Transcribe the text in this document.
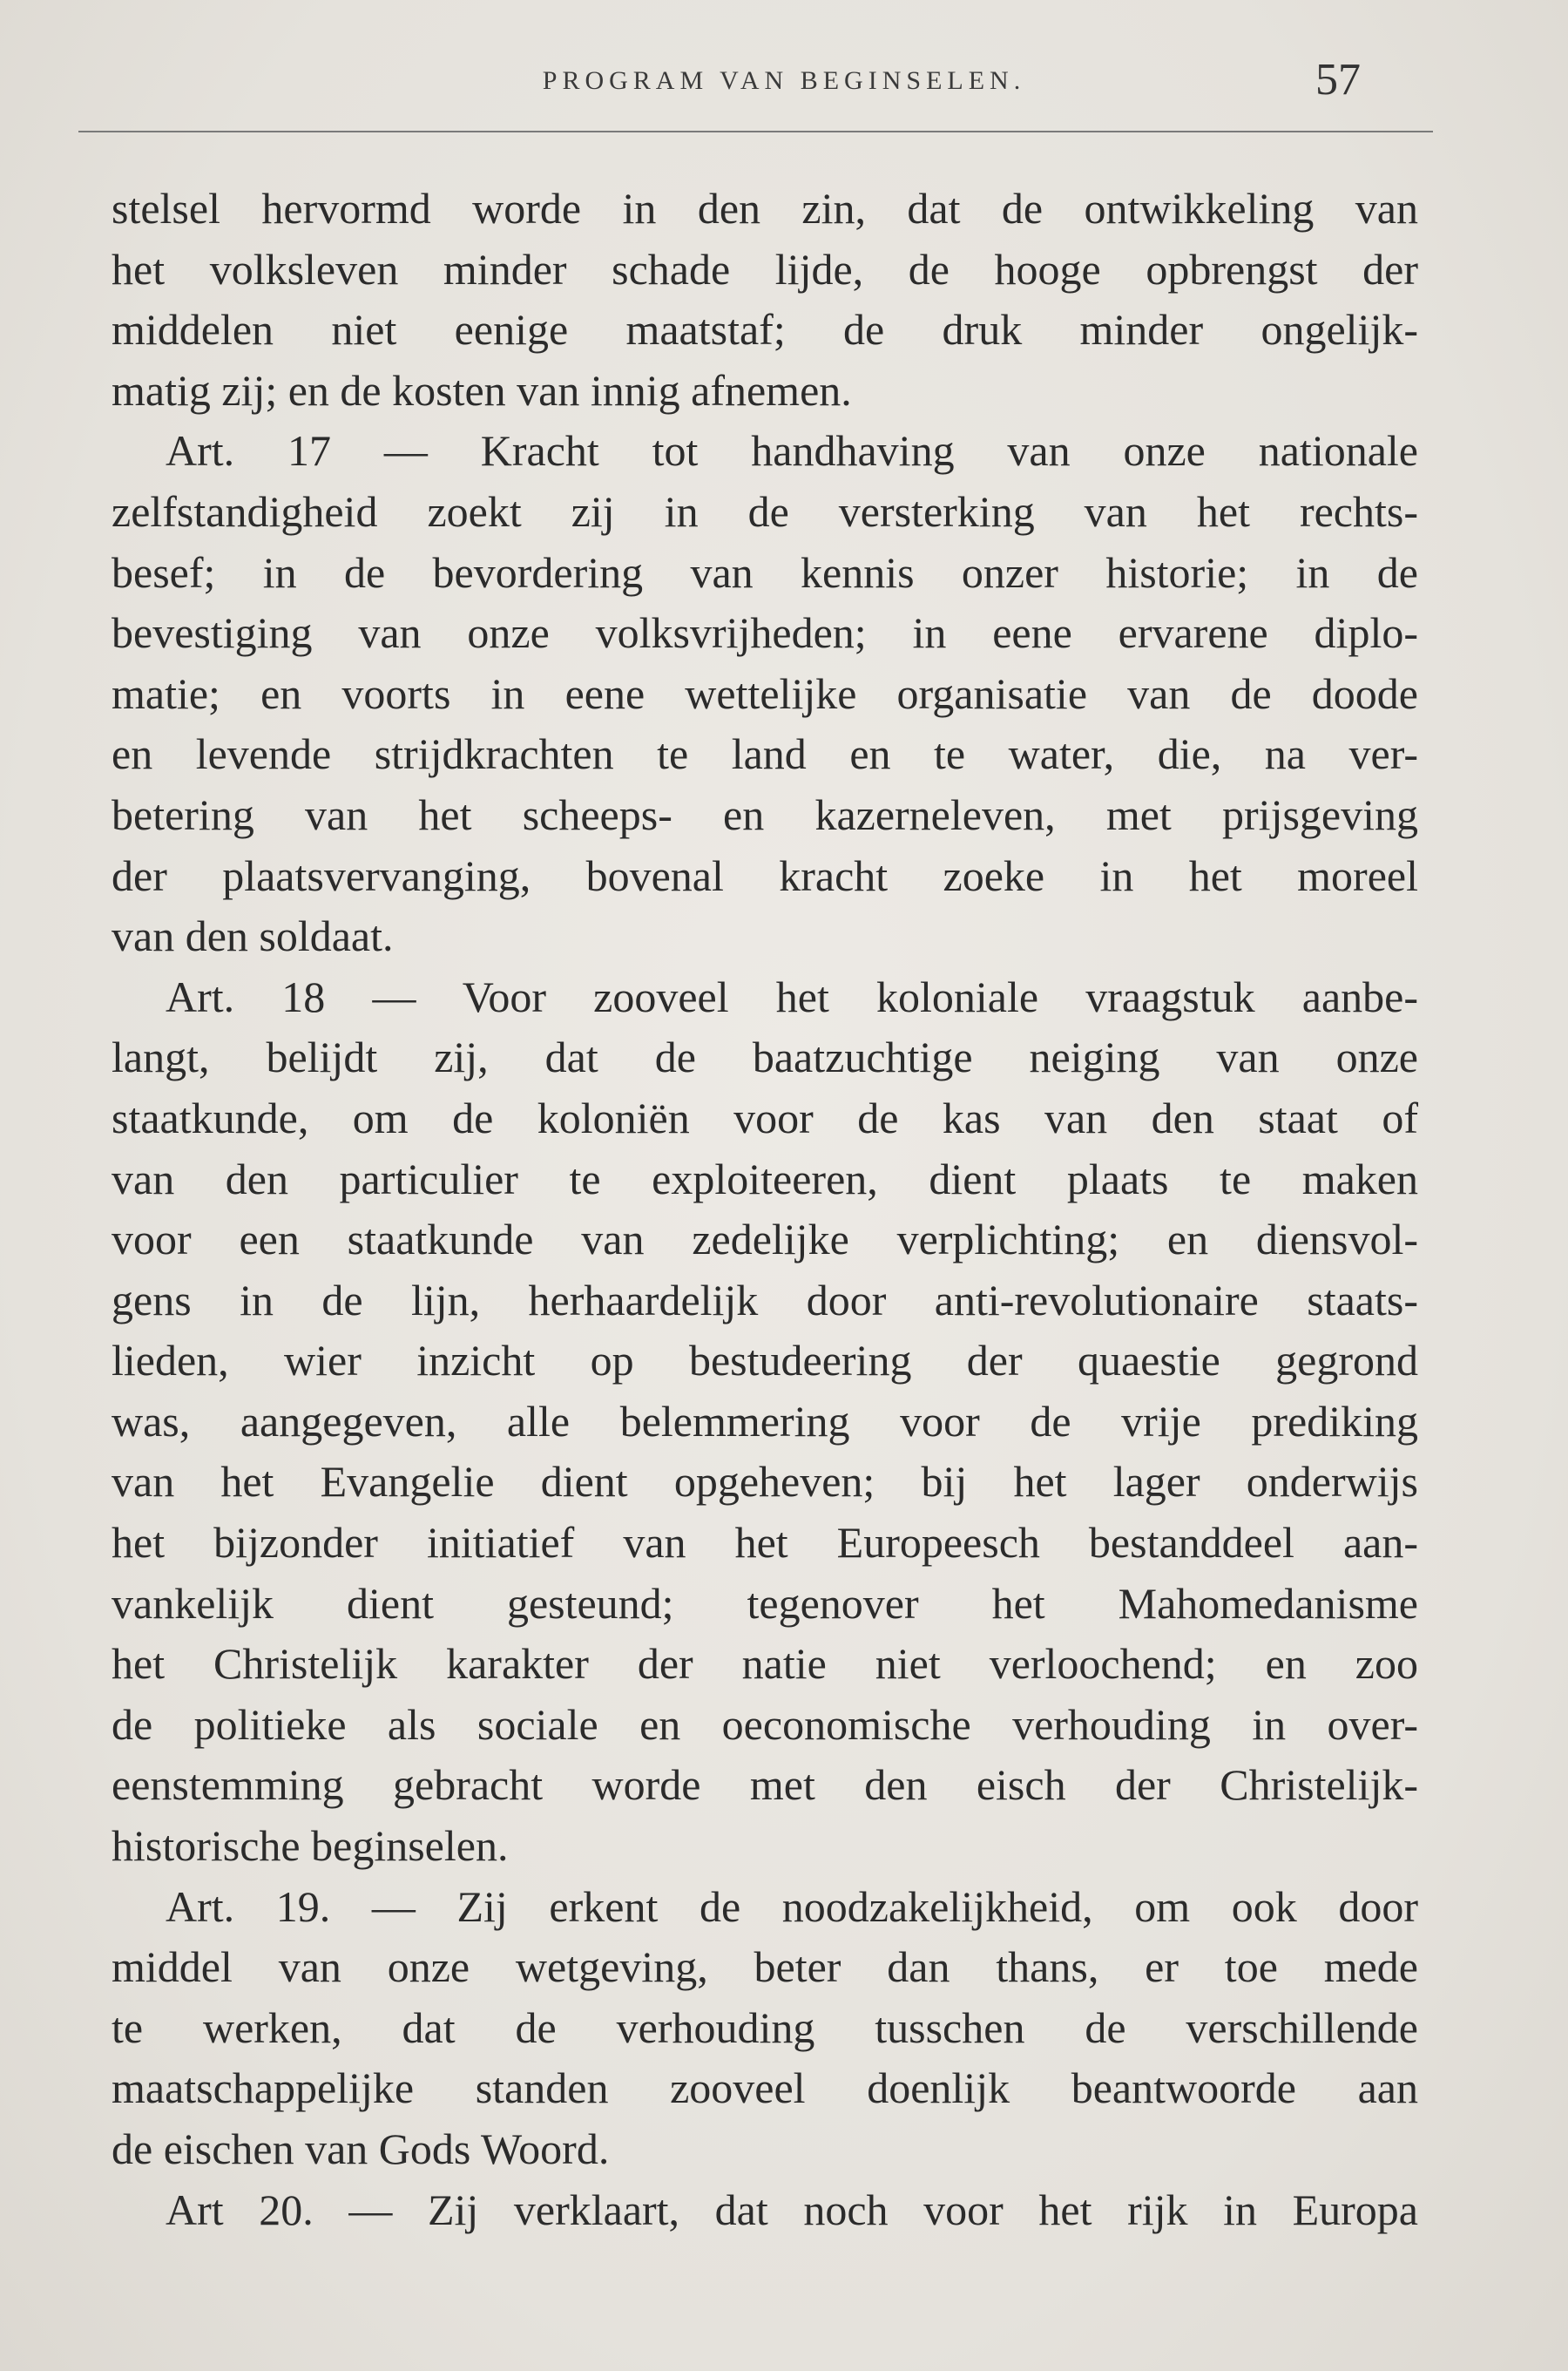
PROGRAM VAN BEGINSELEN.	57
stelsel hervormd worde in den zin, dat de ontwikkeling van
het volksleven minder schade lijde, de hooge opbrengst der
middelen niet eenige maatstaf; de druk minder ongelijk-
matig zij; en de kosten van innig afnemen.
Art. 17 — Kracht tot handhaving van onze nationale
zelfstandigheid zoekt zij in de versterking van het rechts-
besef; in de bevordering van kennis onzer historie; in de
bevestiging van onze volksvrijheden; in eene ervarene diplo-
matie; en voorts in eene wettelijke organisatie van de doode
en levende strijdkrachten te land en te water, die, na ver-
betering van het scheeps- en kazerneleven, met prijsgeving
der plaatsvervanging, bovenal kracht zoeke in het moreel
van den soldaat.
Art. 18 — Voor zooveel het koloniale vraagstuk aanbe-
langt, belijdt zij, dat de baatzuchtige neiging van onze
staatkunde, om de koloniën voor de kas van den staat of
van den particulier te exploiteeren, dient plaats te maken
voor een staatkunde van zedelijke verplichting; en diensvol-
gens in de lijn, herhaardelijk door anti-revolutionaire staats-
lieden, wier inzicht op bestudeering der quaestie gegrond
was, aangegeven, alle belemmering voor de vrije prediking
van het Evangelie dient opgeheven; bij het lager onderwijs
het bijzonder initiatief van het Europeesch bestanddeel aan-
vankelijk dient gesteund; tegenover het Mahomedanisme
het Christelijk karakter der natie niet verloochend; en zoo
de politieke als sociale en oeconomische verhouding in over-
eenstemming gebracht worde met den eisch der Christelijk-
historische beginselen.
Art. 19. — Zij erkent de noodzakelijkheid, om ook door
middel van onze wetgeving, beter dan thans, er toe mede
te werken, dat de verhouding tusschen de verschillende
maatschappelijke standen zooveel doenlijk beantwoorde aan
de eischen van Gods Woord.
Art 20. — Zij verklaart, dat noch voor het rijk in Europa
